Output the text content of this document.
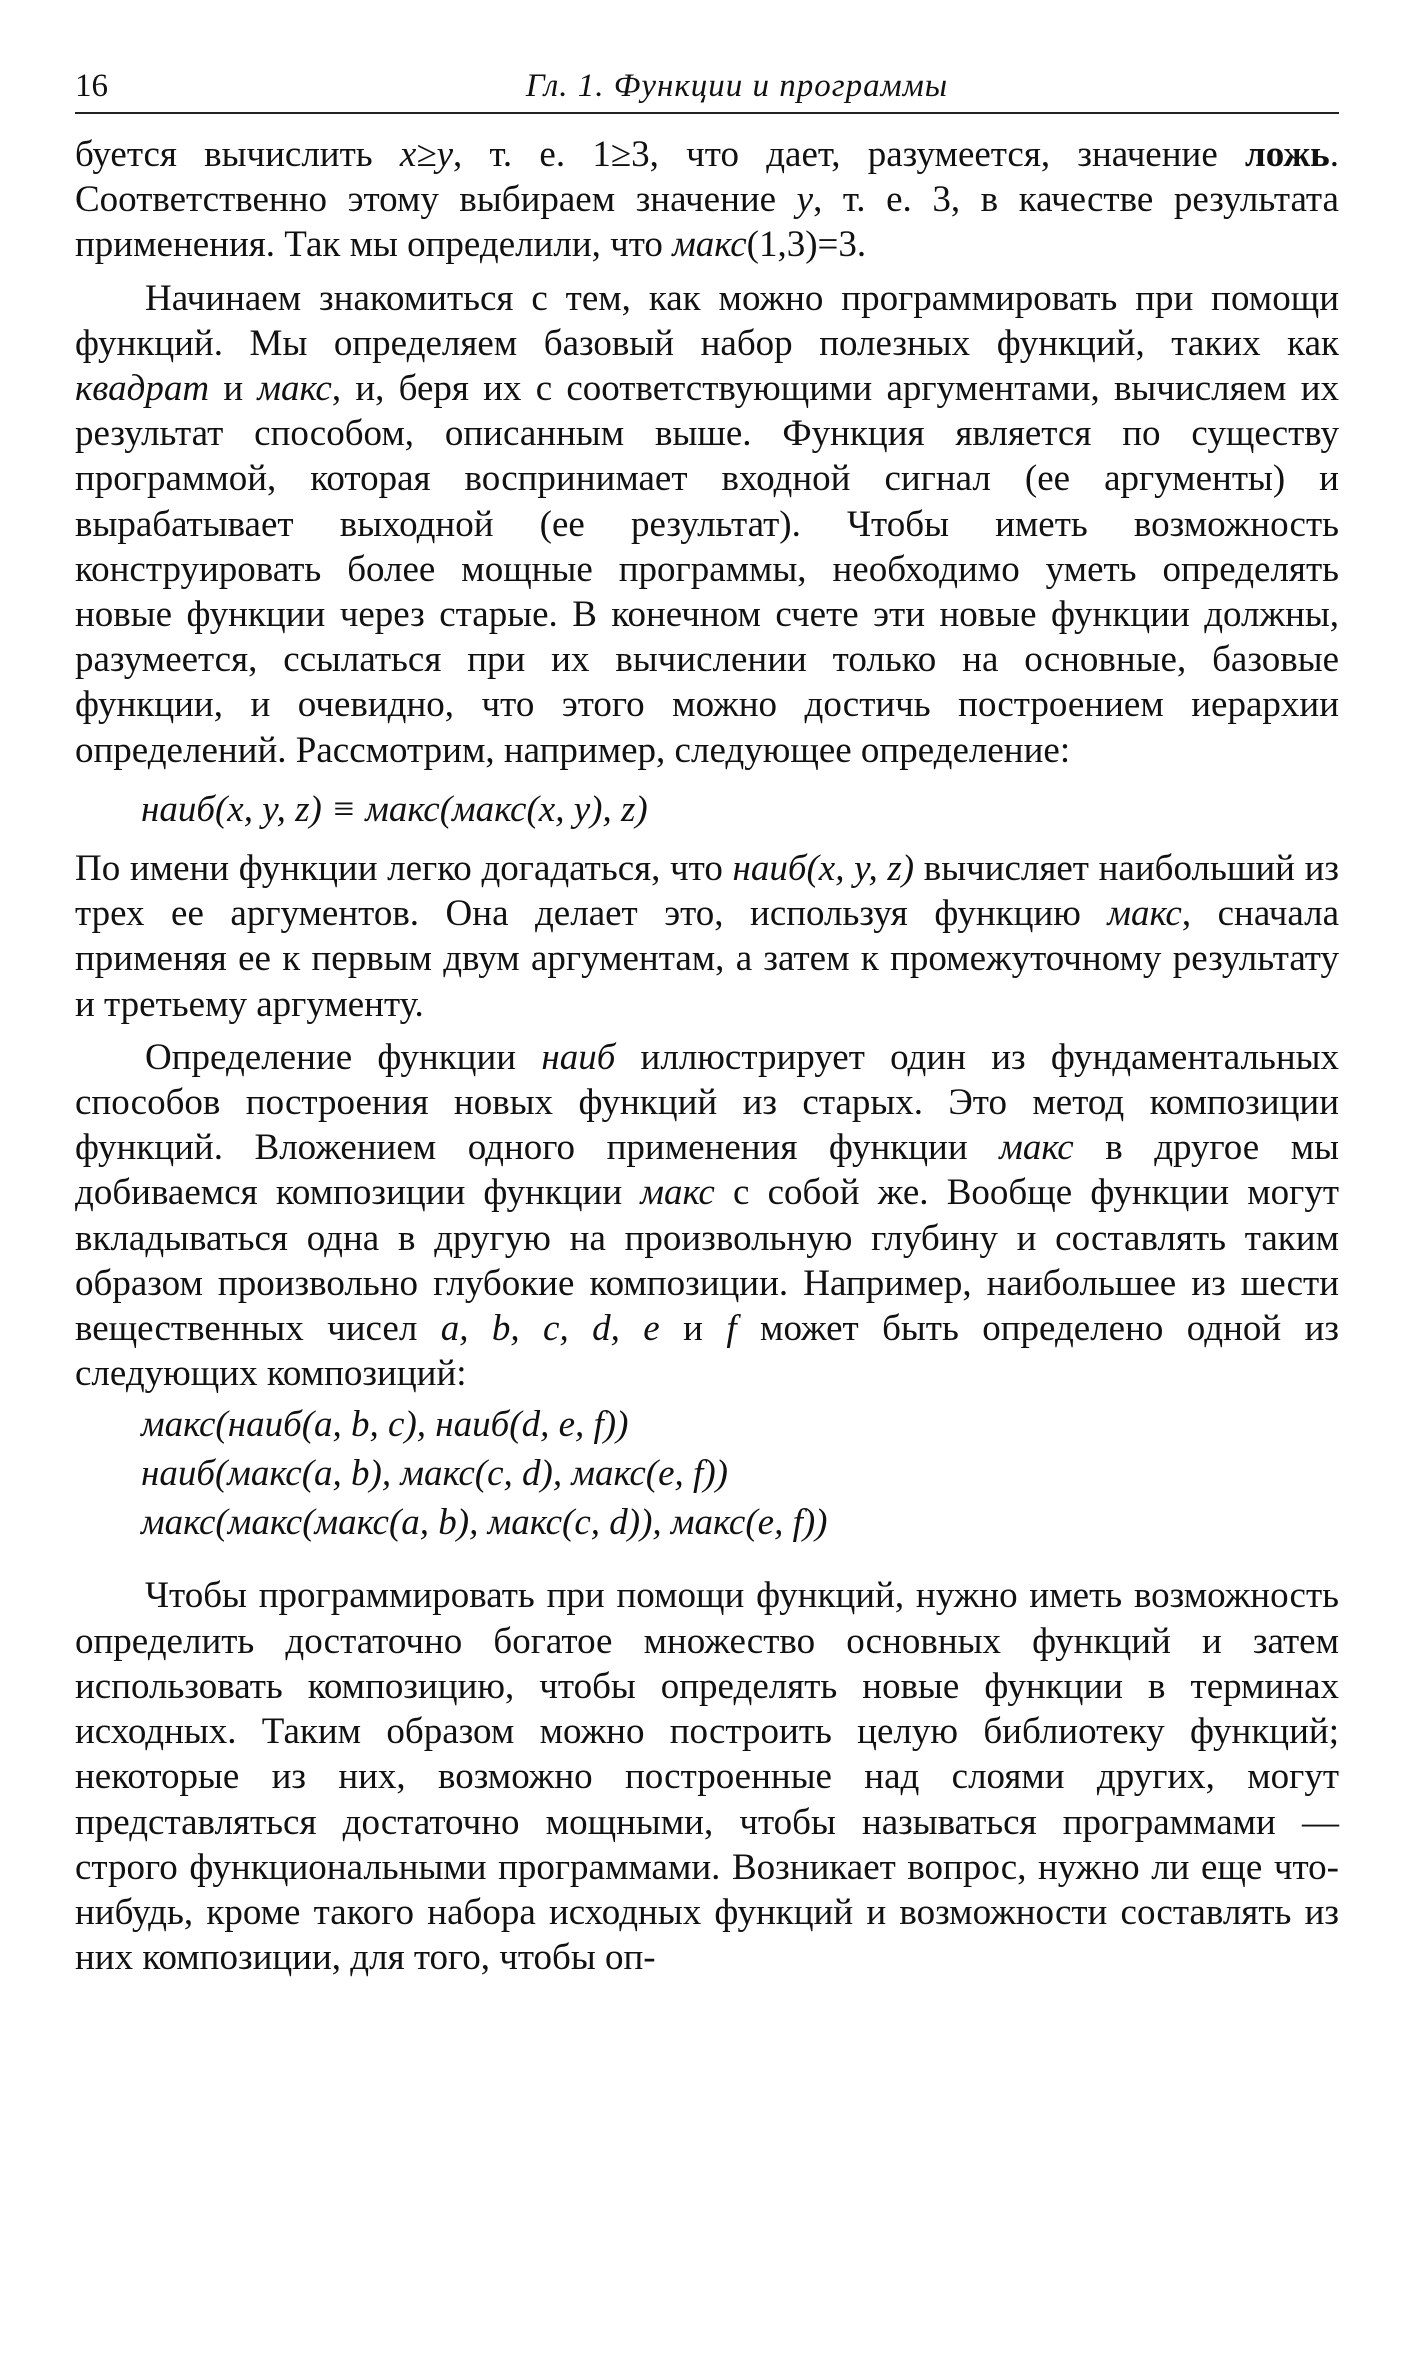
16	Гл. 1. Функции и программы

буется вычислить x≥y, т. е. 1≥3, что дает, разумеется, значение ложь. Соответственно этому выбираем значение y, т. е. 3, в качестве результата применения. Так мы определили, что макс(1,3)=3.

Начинаем знакомиться с тем, как можно программировать при помощи функций. Мы определяем базовый набор полезных функций, таких как квадрат и макс, и, беря их с соответствующими аргументами, вычисляем их результат способом, описанным выше. Функция является по существу программой, которая воспринимает входной сигнал (ее аргументы) и вырабатывает выходной (ее результат). Чтобы иметь возможность конструировать более мощные программы, необходимо уметь определять новые функции через старые. В конечном счете эти новые функции должны, разумеется, ссылаться при их вычислении только на основные, базовые функции, и очевидно, что этого можно достичь построением иерархии определений. Рассмотрим, например, следующее определение:

наиб(x, y, z) ≡ макс(макс(x, y), z)

По имени функции легко догадаться, что наиб(x, y, z) вычисляет наибольший из трех ее аргументов. Она делает это, используя функцию макс, сначала применяя ее к первым двум аргументам, а затем к промежуточному результату и третьему аргументу.

Определение функции наиб иллюстрирует один из фундаментальных способов построения новых функций из старых. Это метод композиции функций. Вложением одного применения функции макс в другое мы добиваемся композиции функции макс с собой же. Вообще функции могут вкладываться одна в другую на произвольную глубину и составлять таким образом произвольно глубокие композиции. Например, наибольшее из шести вещественных чисел a, b, c, d, e и f может быть определено одной из следующих композиций:

макс(наиб(a, b, c), наиб(d, e, f))
наиб(макс(a, b), макс(c, d), макс(e, f))
макс(макс(макс(a, b), макс(c, d)), макс(e, f))

Чтобы программировать при помощи функций, нужно иметь возможность определить достаточно богатое множество основных функций и затем использовать композицию, чтобы определять новые функции в терминах исходных. Таким образом можно построить целую библиотеку функций; некоторые из них, возможно построенные над слоями других, могут представляться достаточно мощными, чтобы называться программами — строго функциональными программами. Возникает вопрос, нужно ли еще что-нибудь, кроме такого набора исходных функций и возможности составлять из них композиции, для того, чтобы оп-
